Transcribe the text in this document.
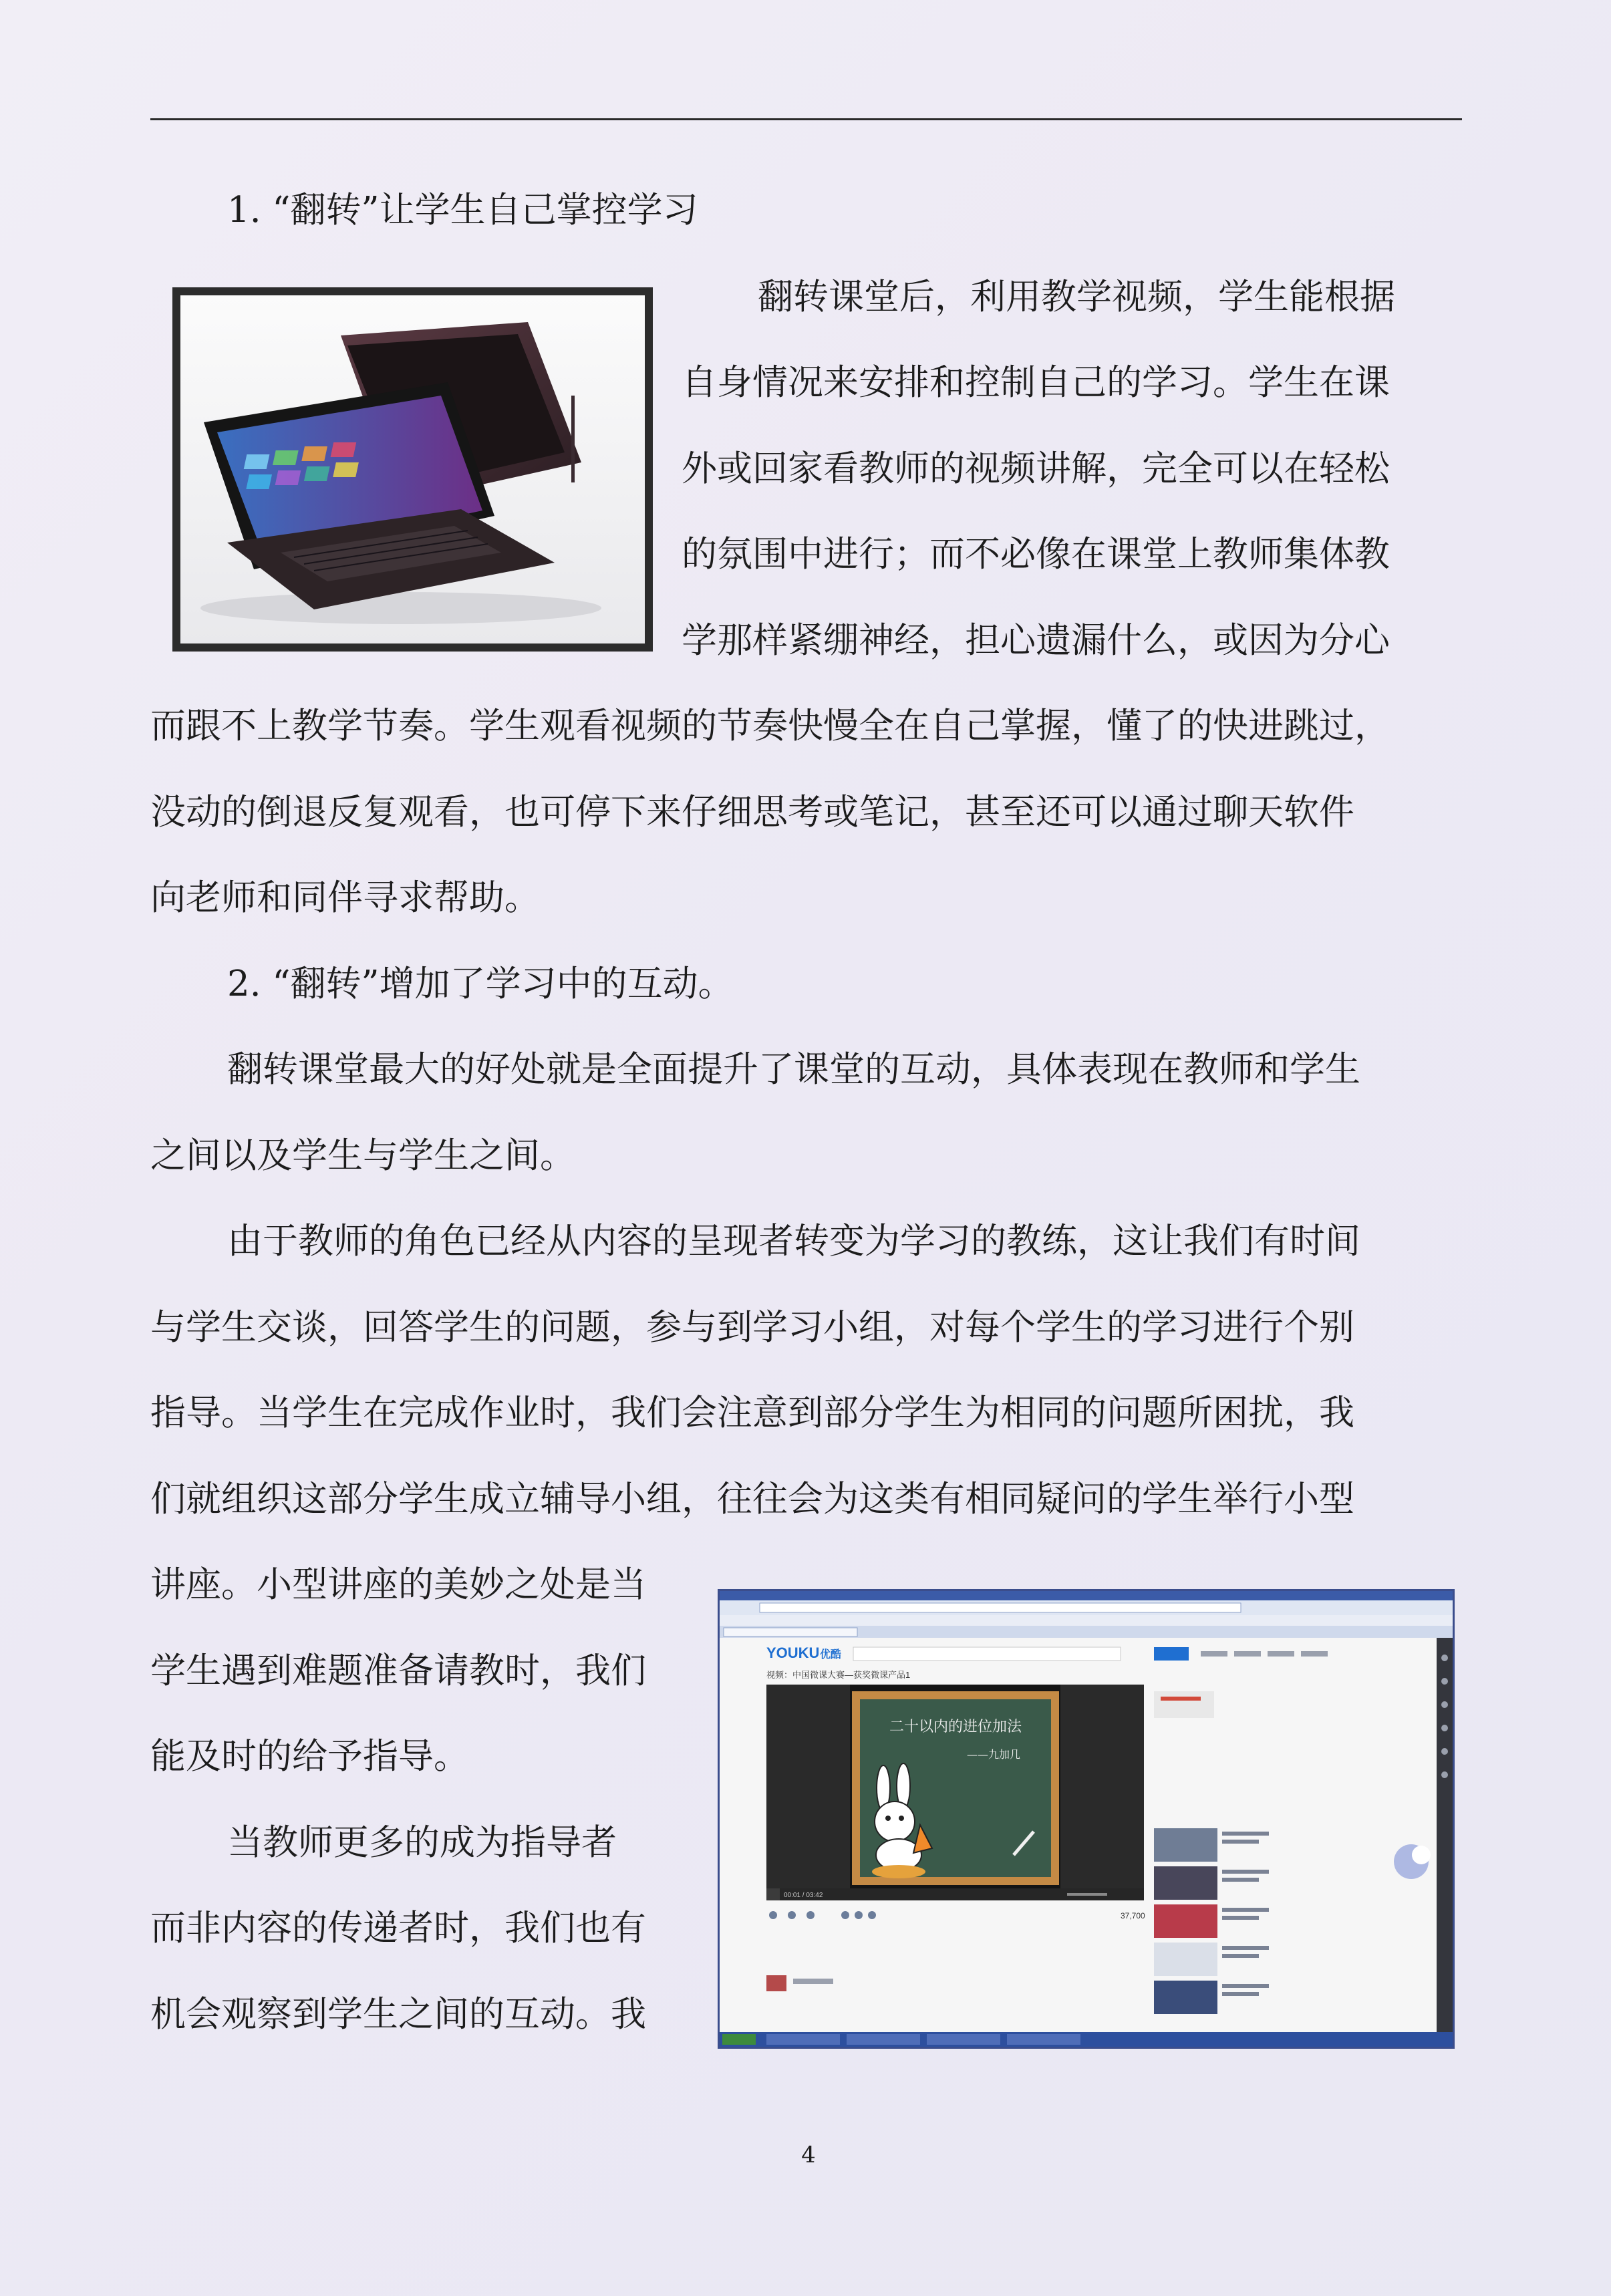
1. “翻转”让学生自己掌控学习
翻转课堂后，利用教学视频，学生能根据
自身情况来安排和控制自己的学习。学生在课
外或回家看教师的视频讲解，完全可以在轻松
的氛围中进行；而不必像在课堂上教师集体教
学那样紧绷神经，担心遗漏什么，或因为分心
而跟不上教学节奏。学生观看视频的节奏快慢全在自己掌握，懂了的快进跳过，
没动的倒退反复观看，也可停下来仔细思考或笔记，甚至还可以通过聊天软件
向老师和同伴寻求帮助。
2. “翻转”增加了学习中的互动。
翻转课堂最大的好处就是全面提升了课堂的互动，具体表现在教师和学生
之间以及学生与学生之间。
由于教师的角色已经从内容的呈现者转变为学习的教练，这让我们有时间
与学生交谈，回答学生的问题，参与到学习小组，对每个学生的学习进行个别
指导。当学生在完成作业时，我们会注意到部分学生为相同的问题所困扰，我
们就组织这部分学生成立辅导小组，往往会为这类有相同疑问的学生举行小型
讲座。小型讲座的美妙之处是当
学生遇到难题准备请教时，我们
能及时的给予指导。
当教师更多的成为指导者
而非内容的传递者时，我们也有
机会观察到学生之间的互动。我
YOUKU 优酷
视频：中国微课大赛—获奖微课产品1
二十以内的进位加法
——九加几
00:01 / 03:42
37,700
4
